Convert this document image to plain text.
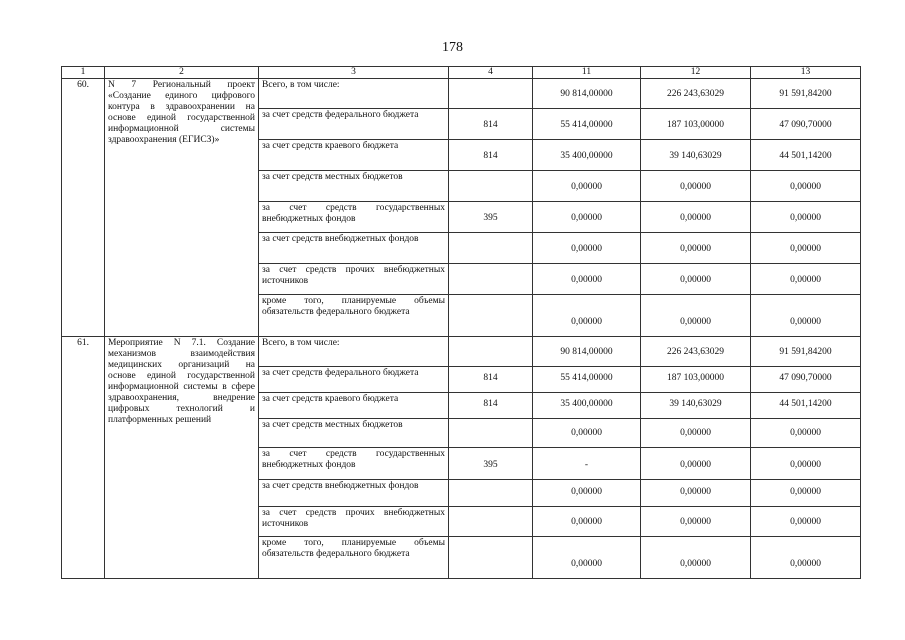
178
1	2	3	4	11	12	13
60.	N 7 Региональный проект «Создание единого цифрового контура в здравоохранении на основе единой государственной информационной системы здравоохранения (ЕГИСЗ)»	Всего, в том числе:		90 814,00000	226 243,63029	91 591,84200
		за счет средств федерального бюджета	814	55 414,00000	187 103,00000	47 090,70000
		за счет средств краевого бюджета	814	35 400,00000	39 140,63029	44 501,14200
		за счет средств местных бюджетов		0,00000	0,00000	0,00000
		за счет средств государственных внебюджетных фондов	395	0,00000	0,00000	0,00000
		за счет средств внебюджетных фондов		0,00000	0,00000	0,00000
		за счет средств прочих внебюджетных источников		0,00000	0,00000	0,00000
		кроме того, планируемые объемы обязательств федерального бюджета		0,00000	0,00000	0,00000
61.	Мероприятие N 7.1. Создание механизмов взаимодействия медицинских организаций на основе единой государственной информационной системы в сфере здравоохранения, внедрение цифровых технологий и платформенных решений	Всего, в том числе:		90 814,00000	226 243,63029	91 591,84200
		за счет средств федерального бюджета	814	55 414,00000	187 103,00000	47 090,70000
		за счет средств краевого бюджета	814	35 400,00000	39 140,63029	44 501,14200
		за счет средств местных бюджетов		0,00000	0,00000	0,00000
		за счет средств государственных внебюджетных фондов	395	-	0,00000	0,00000
		за счет средств внебюджетных фондов		0,00000	0,00000	0,00000
		за счет средств прочих внебюджетных источников		0,00000	0,00000	0,00000
		кроме того, планируемые объемы обязательств федерального бюджета		0,00000	0,00000	0,00000
